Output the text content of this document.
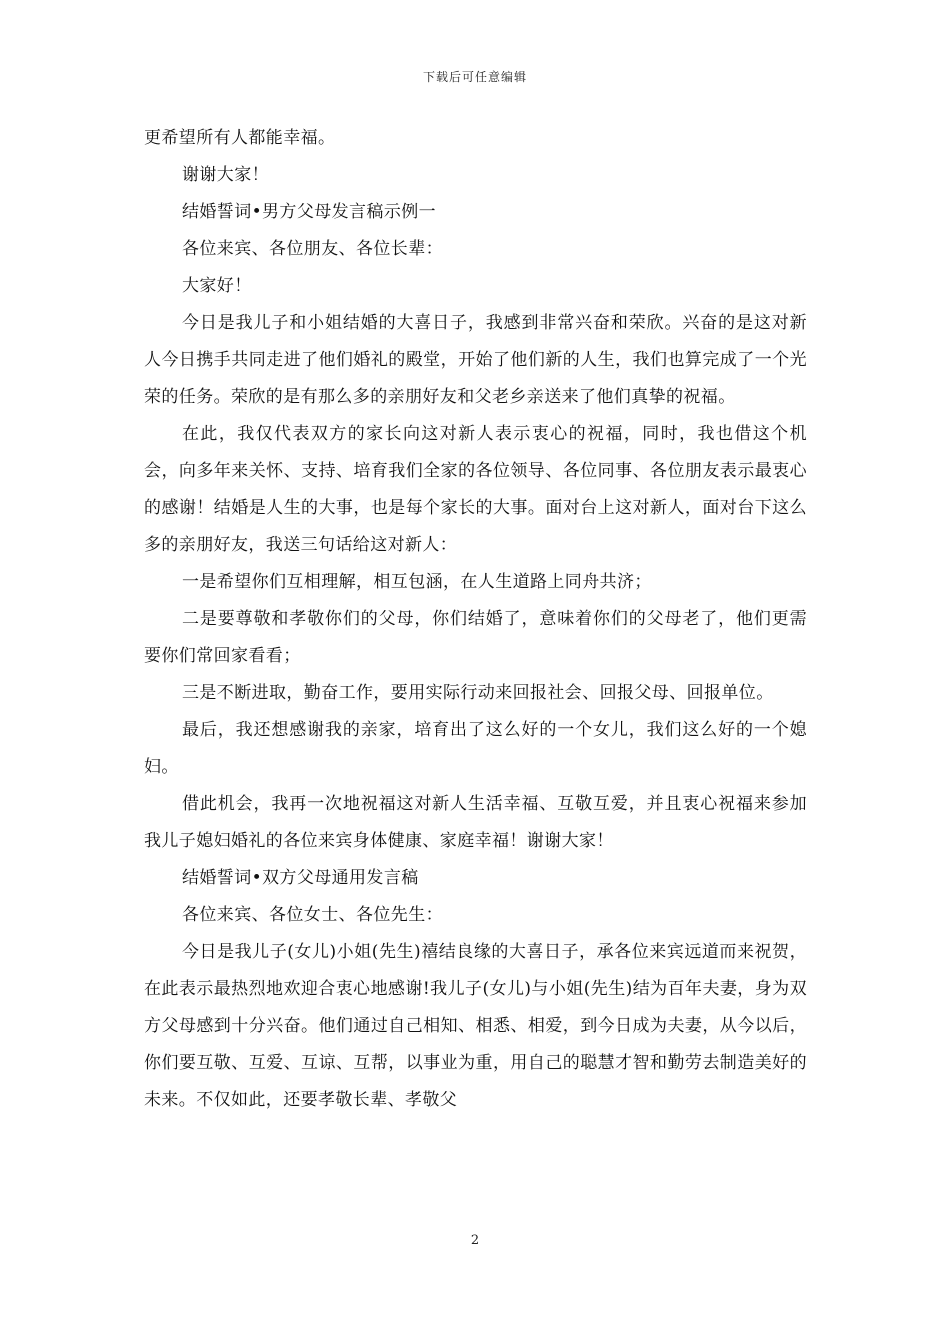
下载后可任意编辑

更希望所有人都能幸福。

谢谢大家！

结婚誓词•男方父母发言稿示例一

各位来宾、各位朋友、各位长辈：

大家好！

今日是我儿子和小姐结婚的大喜日子，我感到非常兴奋和荣欣。兴奋的是这对新人今日携手共同走进了他们婚礼的殿堂，开始了他们新的人生，我们也算完成了一个光荣的任务。荣欣的是有那么多的亲朋好友和父老乡亲送来了他们真挚的祝福。

在此，我仅代表双方的家长向这对新人表示衷心的祝福，同时，我也借这个机会，向多年来关怀、支持、培育我们全家的各位领导、各位同事、各位朋友表示最衷心的感谢！结婚是人生的大事，也是每个家长的大事。面对台上这对新人，面对台下这么多的亲朋好友，我送三句话给这对新人：

一是希望你们互相理解，相互包涵，在人生道路上同舟共济；

二是要尊敬和孝敬你们的父母，你们结婚了，意味着你们的父母老了，他们更需要你们常回家看看；

三是不断进取，勤奋工作，要用实际行动来回报社会、回报父母、回报单位。

最后，我还想感谢我的亲家，培育出了这么好的一个女儿，我们这么好的一个媳妇。

借此机会，我再一次地祝福这对新人生活幸福、互敬互爱，并且衷心祝福来参加我儿子媳妇婚礼的各位来宾身体健康、家庭幸福！谢谢大家！

结婚誓词•双方父母通用发言稿

各位来宾、各位女士、各位先生：

今日是我儿子(女儿)小姐(先生)禧结良缘的大喜日子，承各位来宾远道而来祝贺，在此表示最热烈地欢迎合衷心地感谢!我儿子(女儿)与小姐(先生)结为百年夫妻，身为双方父母感到十分兴奋。他们通过自己相知、相悉、相爱，到今日成为夫妻，从今以后，你们要互敬、互爱、互谅、互帮，以事业为重，用自己的聪慧才智和勤劳去制造美好的未来。不仅如此，还要孝敬长辈、孝敬父

2
